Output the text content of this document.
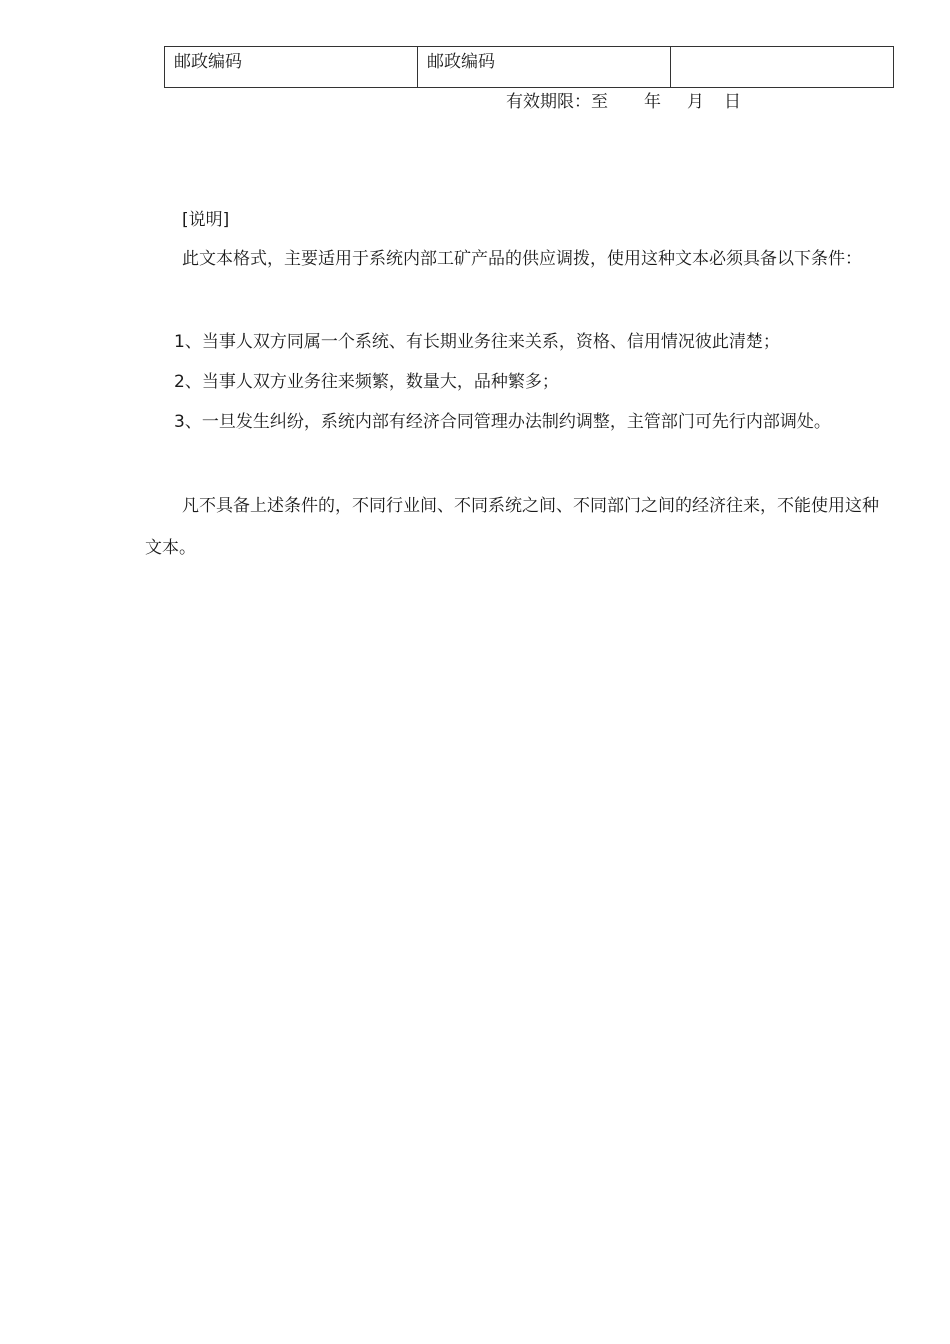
邮政编码	邮政编码	
有效期限：至 年 月 日

[说明]

此文本格式，主要适用于系统内部工矿产品的供应调拨，使用这种文本必须具备以下条件：

1、当事人双方同属一个系统、有长期业务往来关系，资格、信用情况彼此清楚；

2、当事人双方业务往来频繁，数量大，品种繁多；

3、一旦发生纠纷，系统内部有经济合同管理办法制约调整，主管部门可先行内部调处。

凡不具备上述条件的，不同行业间、不同系统之间、不同部门之间的经济往来，不能使用这种文本。
